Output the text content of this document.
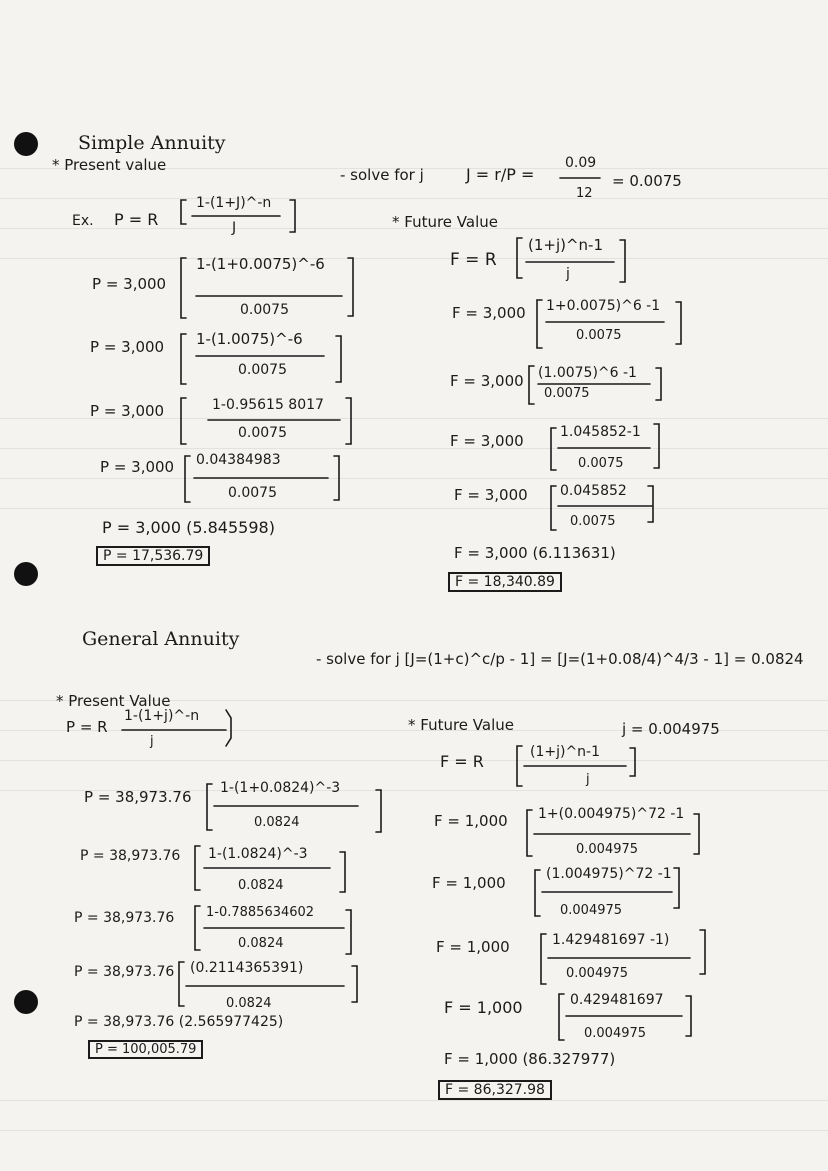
Simple Annuity
* Present value
Ex. P = R
1-(1+J)^-n
J
P = 3,000
1-(1+0.0075)^-6
0.0075
P = 3,000 1-(1.0075)^-6
0.0075
P = 3,000	1-0.95615 8017
0.0075
P = 3,000 0.04384983
0.0075
P = 3,000 (5.845598)
P = 17,536.79
- solve for j	J = r/P =
0.09
12
= 0.0075
* Future Value
F = R
(1+j)^n-1
j
F = 3,000 1+0.0075)^6 -1
0.0075
F = 3,000 (1.0075)^6 -1
0.0075
F = 3,000	1.045852-1
0.0075
F = 3,000 0.045852
0.0075
F = 3,000 (6.113631)
F = 18,340.89
General Annuity
- solve for j [J=(1+c)^c/p - 1] = [J=(1+0.08/4)^4/3 - 1] = 0.0824
* Present Value
P = R
1-(1+j)^-n
j
P = 38,973.76 1-(1+0.0824)^-3
0.0824
P = 38,973.76 1-(1.0824)^-3
0.0824
P = 38,973.76 1-0.7885634602
0.0824
P = 38,973.76 (0.2114365391)
0.0824
P = 38,973.76 (2.565977425)
P = 100,005.79
* Future Value	j = 0.004975
F = R	(1+j)^n-1
j
F = 1,000 1+(0.004975)^72 -1
0.004975
F = 1,000	(1.004975)^72 -1
0.004975
F = 1,000	1.429481697 -1)
0.004975
F = 1,000	0.429481697
0.004975
F = 1,000 (86.327977)
F = 86,327.98
